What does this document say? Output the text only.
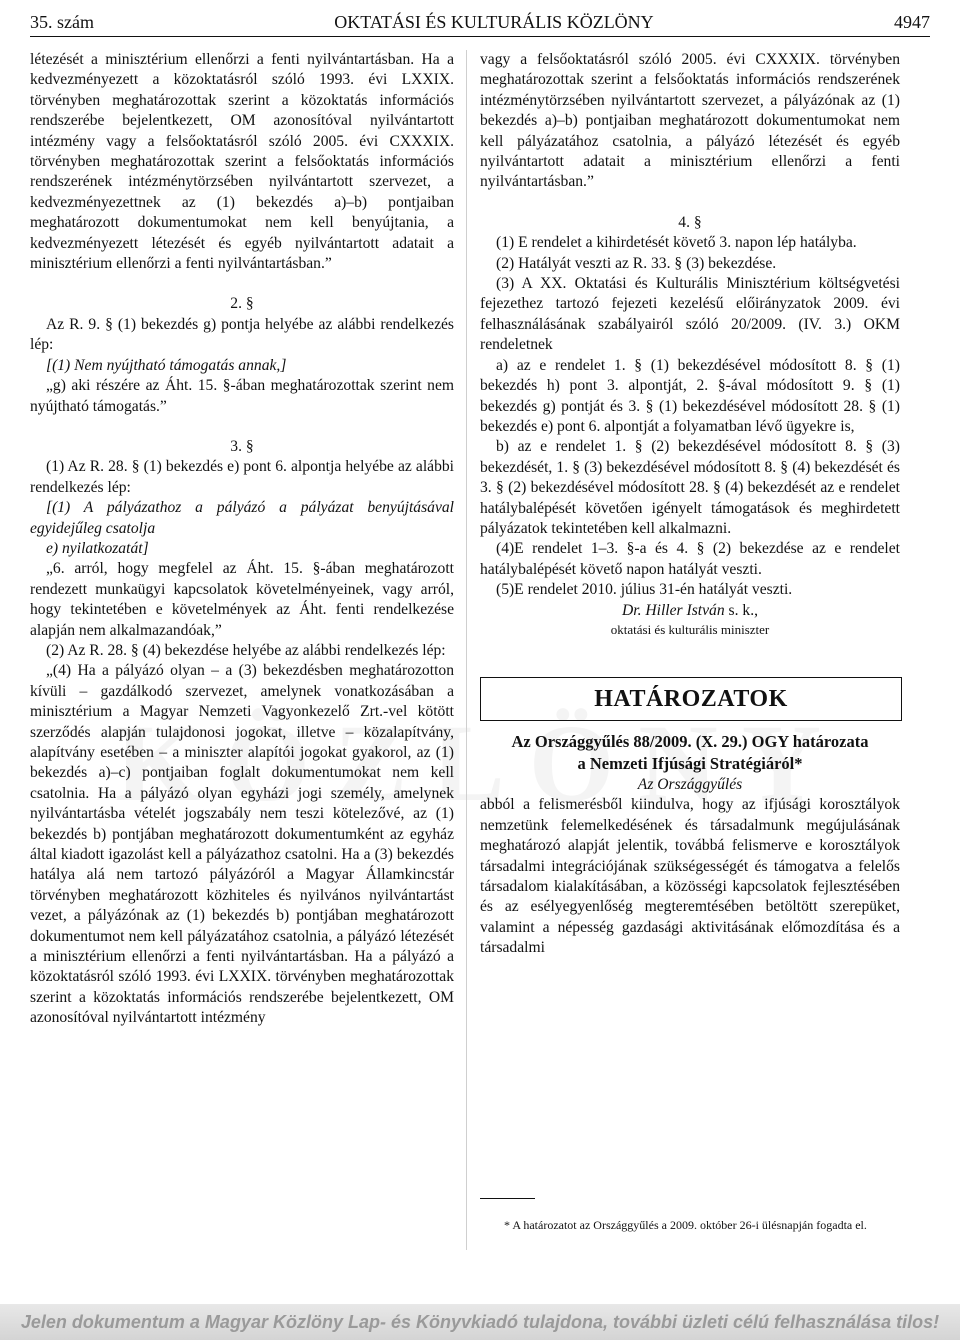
35. szám	OKTATÁSI ÉS KULTURÁLIS KÖZLÖNY	4947

létezését a minisztérium ellenőrzi a fenti nyilvántartásban. Ha a kedvezményezett a közoktatásról szóló 1993. évi LXXIX. törvényben meghatározottak szerint a közoktatás információs rendszerébe bejelentkezett, OM azonosítóval nyilvántartott intézmény vagy a felsőoktatásról szóló 2005. évi CXXXIX. törvényben meghatározottak szerint a felsőoktatás információs rendszerének intézménytörzsében nyilvántartott szervezet, a kedvezményezettnek az (1) bekezdés a)–b) pontjaiban meghatározott dokumentumokat nem kell benyújtania, a kedvezményezett létezését és egyéb nyilvántartott adatait a minisztérium ellenőrzi a fenti nyilvántartásban.”

2. §

Az R. 9. § (1) bekezdés g) pontja helyébe az alábbi rendelkezés lép:

[(1) Nem nyújtható támogatás annak,]

„g) aki részére az Áht. 15. §-ában meghatározottak szerint nem nyújtható támogatás.”

3. §

(1) Az R. 28. § (1) bekezdés e) pont 6. alpontja helyébe az alábbi rendelkezés lép:

[(1) A pályázathoz a pályázó a pályázat benyújtásával egyidejűleg csatolja

e) nyilatkozatát]

„6. arról, hogy megfelel az Áht. 15. §-ában meghatározott rendezett munkaügyi kapcsolatok követelményeinek, vagy arról, hogy tekintetében e követelmények az Áht. fenti rendelkezése alapján nem alkalmazandóak,”

(2) Az R. 28. § (4) bekezdése helyébe az alábbi rendelkezés lép:

„(4) Ha a pályázó olyan – a (3) bekezdésben meghatározotton kívüli – gazdálkodó szervezet, amelynek vonatkozásában a minisztérium a Magyar Nemzeti Vagyonkezelő Zrt.-vel kötött szerződés alapján tulajdonosi jogokat, illetve – közalapítvány, alapítvány esetében – a miniszter alapítói jogokat gyakorol, az (1) bekezdés a)–c) pontjaiban foglalt dokumentumokat nem kell csatolnia. Ha a pályázó olyan egyházi jogi személy, amelynek nyilvántartásba vételét jogszabály nem teszi kötelezővé, az (1) bekezdés b) pontjában meghatározott dokumentumként az egyház által kiadott igazolást kell a pályázathoz csatolni. Ha a (3) bekezdés hatálya alá nem tartozó pályázóról a Magyar Államkincstár törvényben meghatározott közhiteles és nyilvános nyilvántartást vezet, a pályázónak az (1) bekezdés b) pontjában meghatározott dokumentumot nem kell pályázatához csatolnia, a pályázó létezését a minisztérium ellenőrzi a fenti nyilvántartásban. Ha a pályázó a közoktatásról szóló 1993. évi LXXIX. törvényben meghatározottak szerint a közoktatás információs rendszerébe bejelentkezett, OM azonosítóval nyilvántartott intézmény

vagy a felsőoktatásról szóló 2005. évi CXXXIX. törvényben meghatározottak szerint a felsőoktatás információs rendszerének intézménytörzsében nyilvántartott szervezet, a pályázónak az (1) bekezdés a)–b) pontjaiban meghatározott dokumentumokat nem kell pályázatához csatolnia, a pályázó létezését és egyéb nyilvántartott adatait a minisztérium ellenőrzi a fenti nyilvántartásban.”

4. §

(1) E rendelet a kihirdetését követő 3. napon lép hatályba.

(2) Hatályát veszti az R. 33. § (3) bekezdése.

(3) A XX. Oktatási és Kulturális Minisztérium költségvetési fejezethez tartozó fejezeti kezelésű előirányzatok 2009. évi felhasználásának szabályairól szóló 20/2009. (IV. 3.) OKM rendeletnek

a) az e rendelet 1. § (1) bekezdésével módosított 8. § (1) bekezdés h) pont 3. alpontját, 2. §-ával módosított 9. § (1) bekezdés g) pontját és 3. § (1) bekezdésével módosított 28. § (1) bekezdés e) pont 6. alpontját a folyamatban lévő ügyekre is,

b) az e rendelet 1. § (2) bekezdésével módosított 8. § (3) bekezdését, 1. § (3) bekezdésével módosított 8. § (4) bekezdését és 3. § (2) bekezdésével módosított 28. § (4) bekezdését az e rendelet hatálybalépését követően igényelt támogatások és meghirdetett pályázatok tekintetében kell alkalmazni.

(4)E rendelet 1–3. §-a és 4. § (2) bekezdése az e rendelet hatálybalépését követő napon hatályát veszti.

(5)E rendelet 2010. július 31-én hatályát veszti.

Dr. Hiller István s. k.,

oktatási és kulturális miniszter

HATÁROZATOK

Az Országgyűlés 88/2009. (X. 29.) OGY határozata
a Nemzeti Ifjúsági Stratégiáról*

Az Országgyűlés

abból a felismerésből kiindulva, hogy az ifjúsági korosztályok nemzetünk felemelkedésének és társadalmunk megújulásának meghatározó alapját jelentik, továbbá felismerve e korosztályok társadalmi integrációjának szükségességét és támogatva a felelős társadalom kialakításában, a közösségi kapcsolatok fejlesztésében és az esélyegyenlőség megteremtésében betöltött szerepüket, valamint a népesség gazdasági aktivitásának előmozdítása és a társadalmi

* A határozatot az Országgyűlés a 2009. október 26-i ülésnapján fogadta el.

Jelen dokumentum a Magyar Közlöny Lap- és Könyvkiadó tulajdona, további üzleti célú felhasználása tilos!
